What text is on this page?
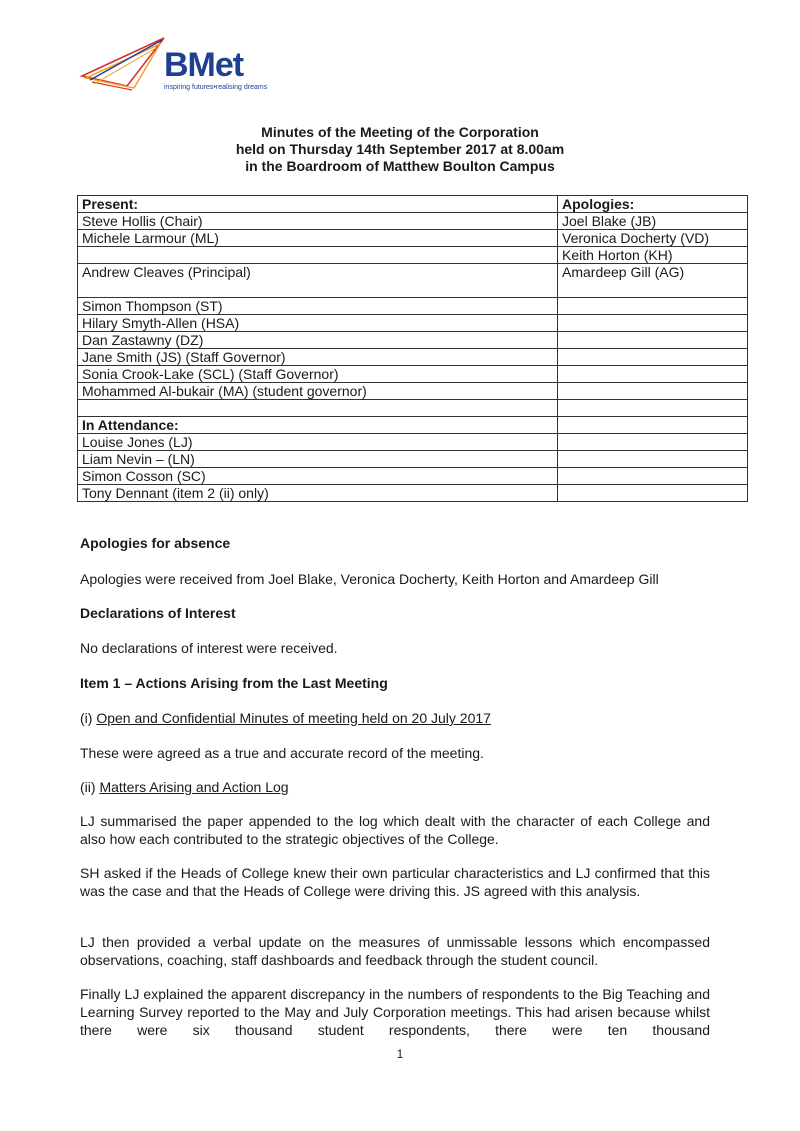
BMet
inspiring futures•realising dreams
Minutes of the Meeting of the Corporation
held on Thursday 14th September 2017 at 8.00am
in the Boardroom of Matthew Boulton Campus
Present:	Apologies:
Steve Hollis (Chair)	Joel Blake (JB)
Michele Larmour (ML)	Veronica Docherty (VD)
	Keith Horton (KH)
Andrew Cleaves (Principal)	Amardeep Gill (AG)
Simon Thompson (ST)	
Hilary Smyth-Allen (HSA)	
Dan Zastawny (DZ)	
Jane Smith (JS) (Staff Governor)	
Sonia Crook-Lake (SCL) (Staff Governor)	
Mohammed Al-bukair (MA) (student governor)	

In Attendance:	
Louise Jones (LJ)	
Liam Nevin – (LN)	
Simon Cosson (SC)	
Tony Dennant (item 2 (ii) only)	
Apologies for absence
Apologies were received from Joel Blake, Veronica Docherty, Keith Horton and Amardeep Gill
Declarations of Interest
No declarations of interest were received.
Item 1 – Actions Arising from the Last Meeting
(i) Open and Confidential Minutes of meeting held on 20 July 2017
These were agreed as a true and accurate record of the meeting.
(ii) Matters Arising and Action Log
LJ summarised the paper appended to the log which dealt with the character of each College and also how each contributed to the strategic objectives of the College.
SH asked if the Heads of College knew their own particular characteristics and LJ confirmed that this was the case and that the Heads of College were driving this. JS agreed with this analysis.
LJ then provided a verbal update on the measures of unmissable lessons which encompassed observations, coaching, staff dashboards and feedback through the student council.
Finally LJ explained the apparent discrepancy in the numbers of respondents to the Big Teaching and Learning Survey reported to the May and July Corporation meetings. This had arisen because whilst there were six thousand student respondents, there were ten thousand
1
